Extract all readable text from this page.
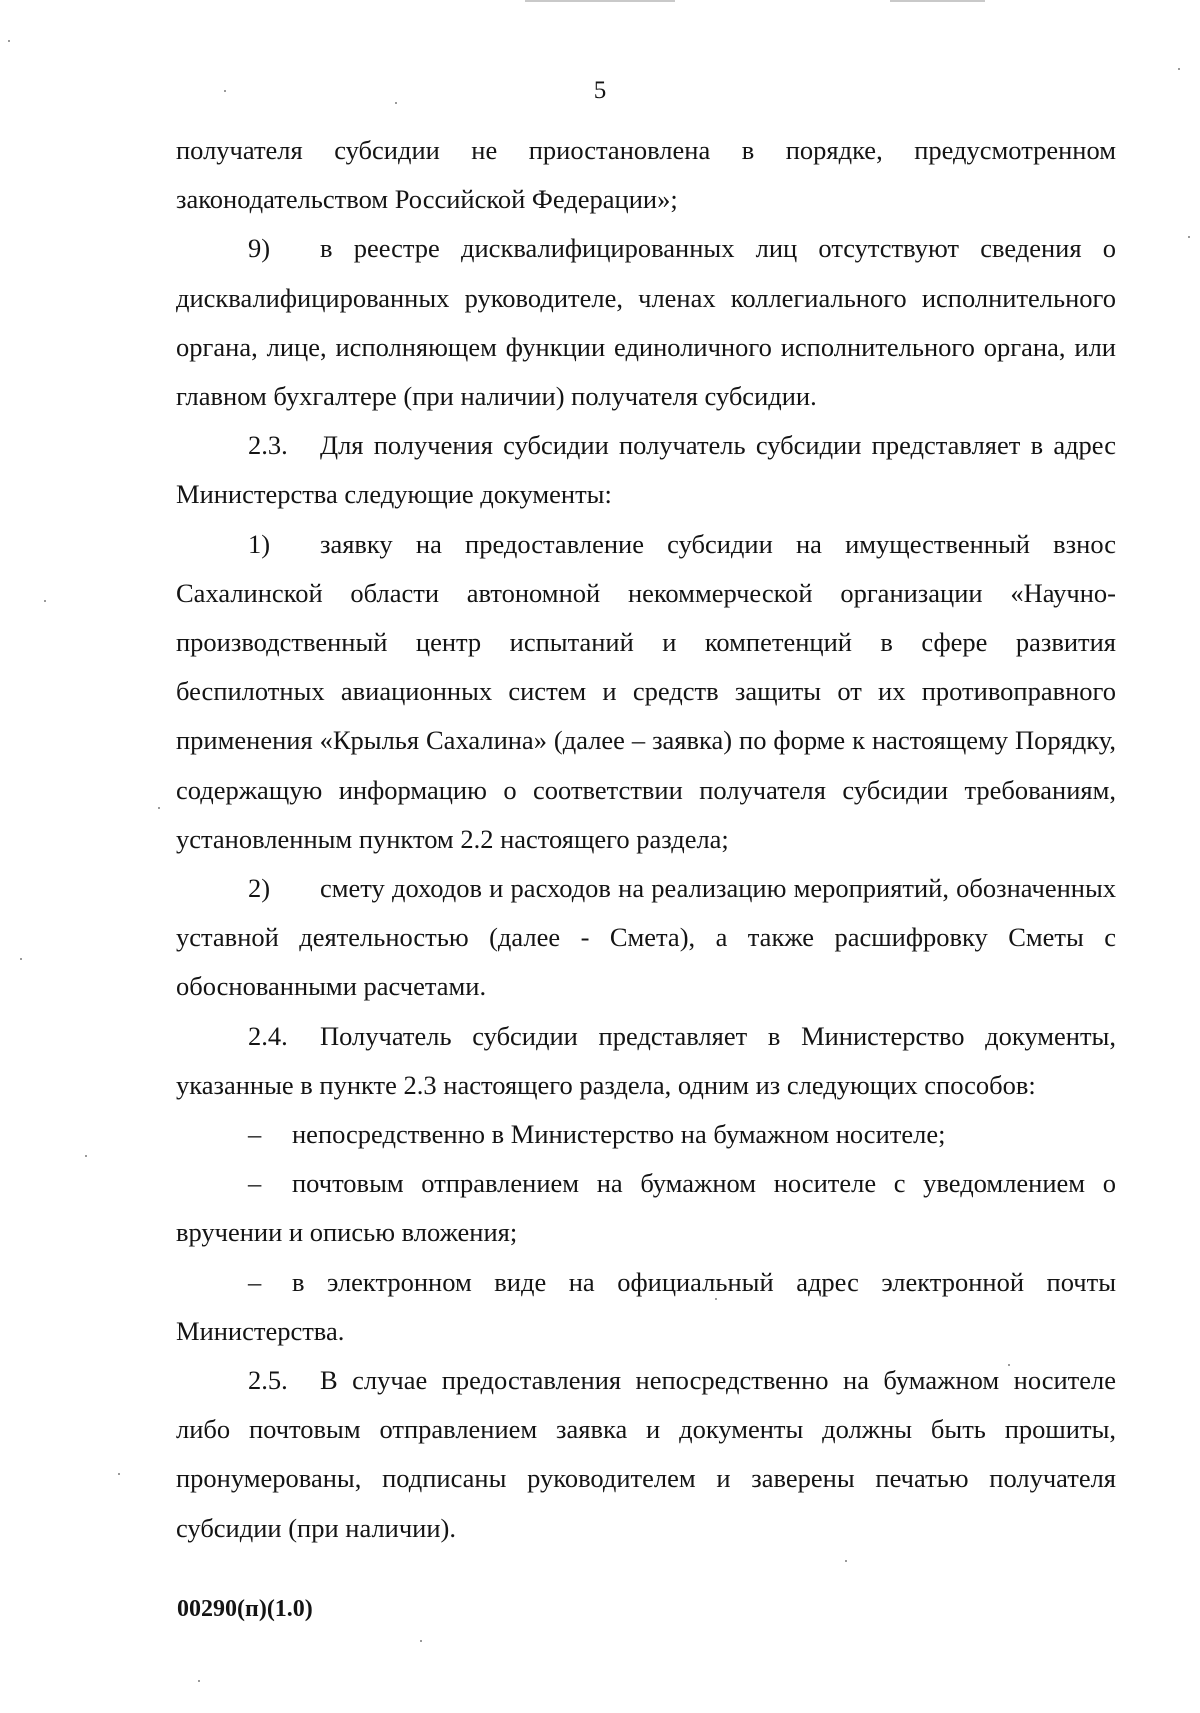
5

получателя субсидии не приостановлена в порядке, предусмотренном законодательством Российской Федерации»;

9) в реестре дисквалифицированных лиц отсутствуют сведения о дисквалифицированных руководителе, членах коллегиального исполнительного органа, лице, исполняющем функции единоличного исполнительного органа, или главном бухгалтере (при наличии) получателя субсидии.

2.3. Для получения субсидии получатель субсидии представляет в адрес Министерства следующие документы:

1) заявку на предоставление субсидии на имущественный взнос Сахалинской области автономной некоммерческой организации «Научно-производственный центр испытаний и компетенций в сфере развития беспилотных авиационных систем и средств защиты от их противоправного применения «Крылья Сахалина» (далее – заявка) по форме к настоящему Порядку, содержащую информацию о соответствии получателя субсидии требованиям, установленным пунктом 2.2 настоящего раздела;

2) смету доходов и расходов на реализацию мероприятий, обозначенных уставной деятельностью (далее - Смета), а также расшифровку Сметы с обоснованными расчетами.

2.4. Получатель субсидии представляет в Министерство документы, указанные в пункте 2.3 настоящего раздела, одним из следующих способов:

– непосредственно в Министерство на бумажном носителе;

– почтовым отправлением на бумажном носителе с уведомлением о вручении и описью вложения;

– в электронном виде на официальный адрес электронной почты Министерства.

2.5. В случае предоставления непосредственно на бумажном носителе либо почтовым отправлением заявка и документы должны быть прошиты, пронумерованы, подписаны руководителем и заверены печатью получателя субсидии (при наличии).

00290(п)(1.0)
